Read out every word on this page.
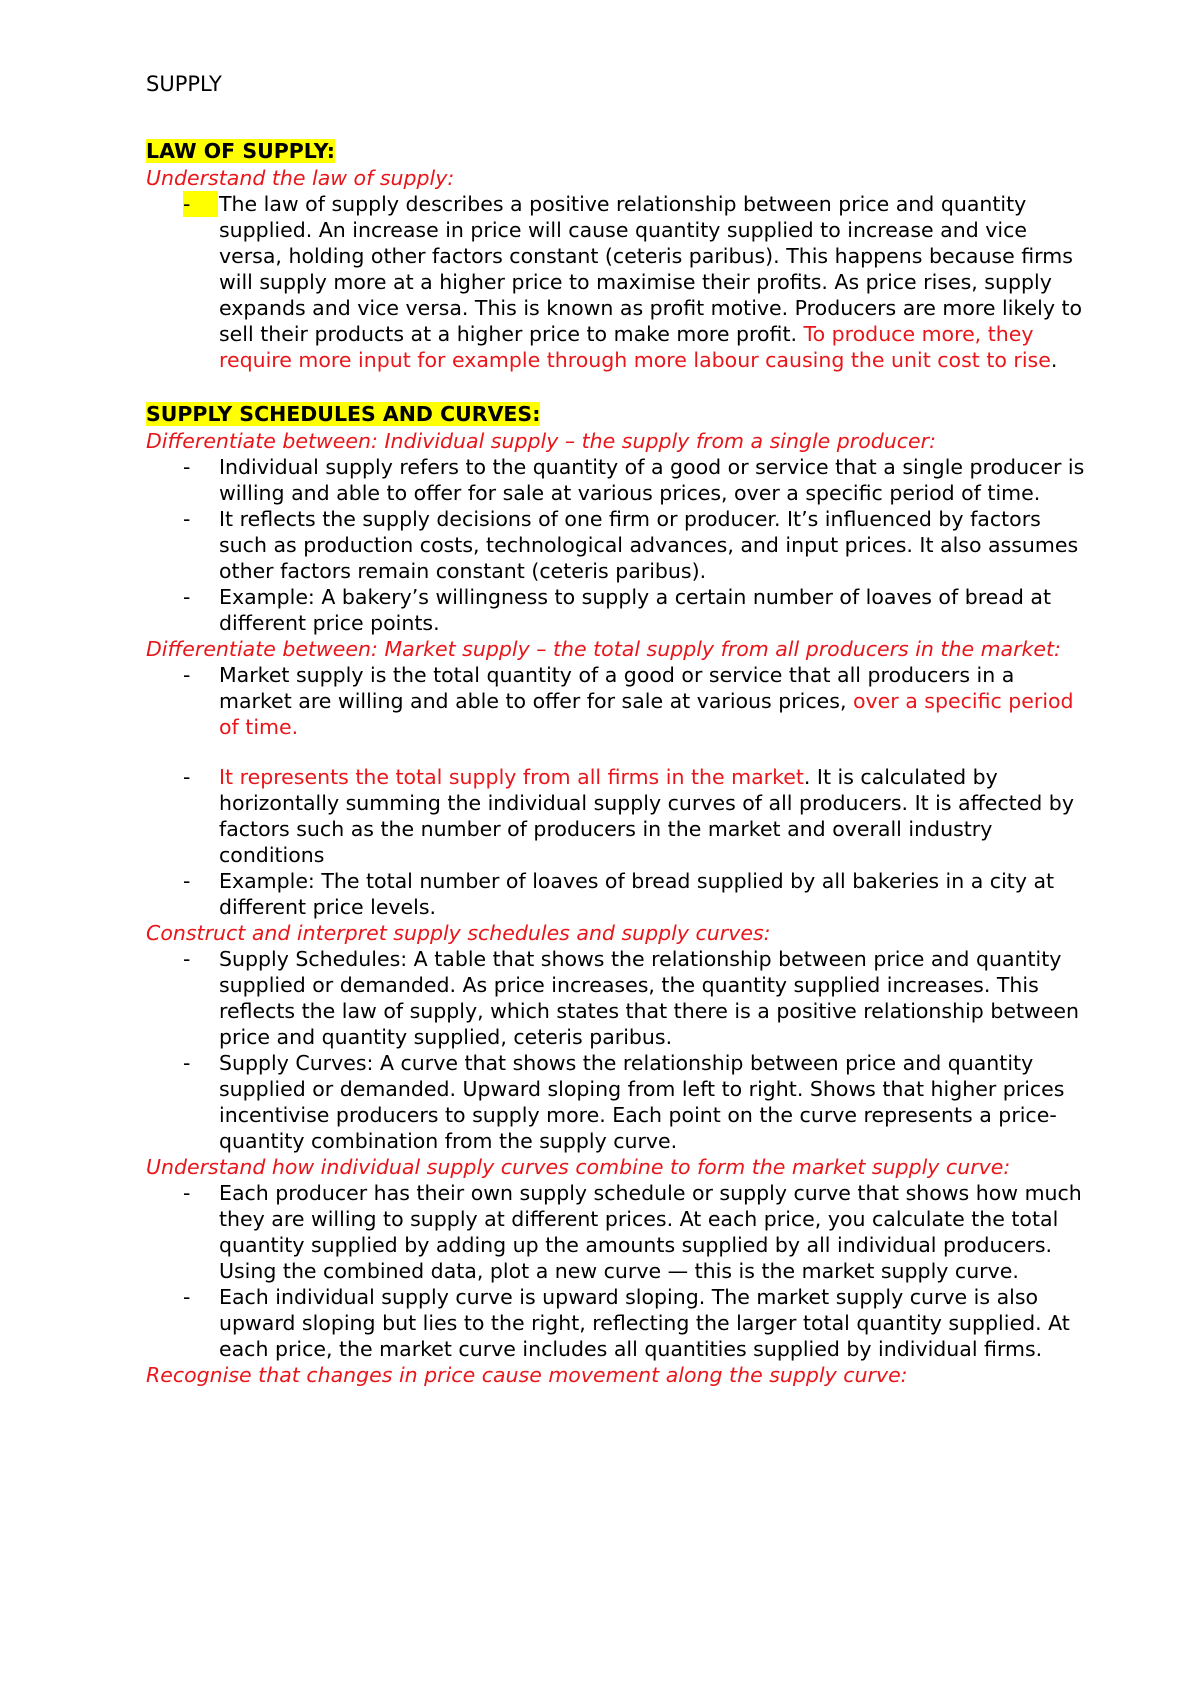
SUPPLY
LAW OF SUPPLY:
Understand the law of supply:
-	The law of supply describes a positive relationship between price and quantity supplied. An increase in price will cause quantity supplied to increase and vice versa, holding other factors constant (ceteris paribus). This happens because firms will supply more at a higher price to maximise their profits. As price rises, supply expands and vice versa. This is known as profit motive. Producers are more likely to sell their products at a higher price to make more profit. To produce more, they require more input for example through more labour causing the unit cost to rise.
SUPPLY SCHEDULES AND CURVES:
Differentiate between: Individual supply – the supply from a single producer:
- Individual supply refers to the quantity of a good or service that a single producer is willing and able to offer for sale at various prices, over a specific period of time.
- It reflects the supply decisions of one firm or producer. It’s influenced by factors such as production costs, technological advances, and input prices. It also assumes other factors remain constant (ceteris paribus).
- Example: A bakery’s willingness to supply a certain number of loaves of bread at different price points.
Differentiate between: Market supply – the total supply from all producers in the market:
- Market supply is the total quantity of a good or service that all producers in a market are willing and able to offer for sale at various prices, over a specific period of time.
- It represents the total supply from all firms in the market. It is calculated by horizontally summing the individual supply curves of all producers. It is affected by factors such as the number of producers in the market and overall industry conditions
- Example: The total number of loaves of bread supplied by all bakeries in a city at different price levels.
Construct and interpret supply schedules and supply curves:
- Supply Schedules: A table that shows the relationship between price and quantity supplied or demanded. As price increases, the quantity supplied increases. This reflects the law of supply, which states that there is a positive relationship between price and quantity supplied, ceteris paribus.
- Supply Curves: A curve that shows the relationship between price and quantity supplied or demanded. Upward sloping from left to right. Shows that higher prices incentivise producers to supply more. Each point on the curve represents a price-quantity combination from the supply curve.
Understand how individual supply curves combine to form the market supply curve:
- Each producer has their own supply schedule or supply curve that shows how much they are willing to supply at different prices. At each price, you calculate the total quantity supplied by adding up the amounts supplied by all individual producers. Using the combined data, plot a new curve — this is the market supply curve.
- Each individual supply curve is upward sloping. The market supply curve is also upward sloping but lies to the right, reflecting the larger total quantity supplied. At each price, the market curve includes all quantities supplied by individual firms.
Recognise that changes in price cause movement along the supply curve:
